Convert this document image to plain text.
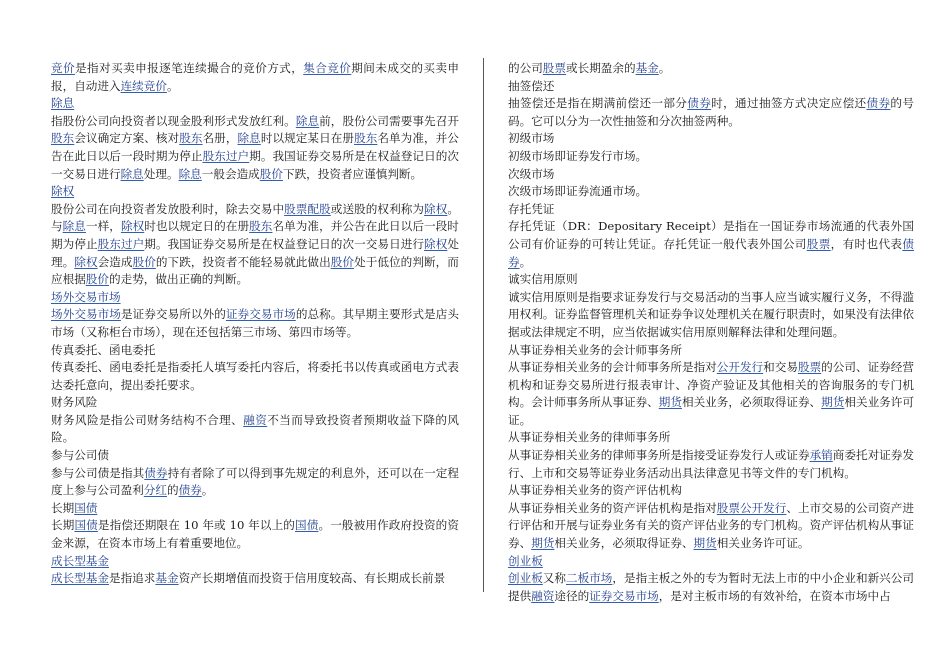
竞价是指对买卖申报逐笔连续撮合的竞价方式，集合竞价期间未成交的买卖申报，自动进入连续竞价。

除息

指股份公司向投资者以现金股利形式发放红利。除息前，股份公司需要事先召开股东会议确定方案、核对股东名册，除息时以规定某日在册股东名单为准，并公告在此日以后一段时期为停止股东过户期。我国证券交易所是在权益登记日的次一交易日进行除息处理。除息一般会造成股价下跌，投资者应谨慎判断。

除权

股份公司在向投资者发放股利时，除去交易中股票配股或送股的权利称为除权。与除息一样，除权时也以规定日的在册股东名单为准，并公告在此日以后一段时期为停止股东过户期。我国证券交易所是在权益登记日的次一交易日进行除权处理。除权会造成股价的下跌，投资者不能轻易就此做出股价处于低位的判断，而应根据股价的走势，做出正确的判断。

场外交易市场

场外交易市场是证券交易所以外的证券交易市场的总称。其早期主要形式是店头市场（又称柜台市场），现在还包括第三市场、第四市场等。

传真委托、函电委托

传真委托、函电委托是指委托人填写委托内容后，将委托书以传真或函电方式表达委托意向，提出委托要求。

财务风险

财务风险是指公司财务结构不合理、融资不当而导致投资者预期收益下降的风险。

参与公司债

参与公司债是指其债券持有者除了可以得到事先规定的利息外，还可以在一定程度上参与公司盈利分红的债券。

长期国债

长期国债是指偿还期限在 10 年或 10 年以上的国债。一般被用作政府投资的资金来源，在资本市场上有着重要地位。

成长型基金

成长型基金是指追求基金资产长期增值而投资于信用度较高、有长期成长前景

的公司股票或长期盈余的基金。

抽签偿还

抽签偿还是指在期满前偿还一部分债券时，通过抽签方式决定应偿还债券的号码。它可以分为一次性抽签和分次抽签两种。

初级市场

初级市场即证券发行市场。

次级市场

次级市场即证券流通市场。

存托凭证

存托凭证（DR：Depositary Receipt）是指在一国证券市场流通的代表外国公司有价证券的可转让凭证。存托凭证一般代表外国公司股票，有时也代表债券。

诚实信用原则

诚实信用原则是指要求证券发行与交易活动的当事人应当诚实履行义务，不得滥用权利。证券监督管理机关和证券争议处理机关在履行职责时，如果没有法律依据或法律规定不明，应当依据诚实信用原则解释法律和处理问题。

从事证券相关业务的会计师事务所

从事证券相关业务的会计师事务所是指对公开发行和交易股票的公司、证券经营机构和证券交易所进行报表审计、净资产验证及其他相关的咨询服务的专门机构。会计师事务所从事证券、期货相关业务，必须取得证券、期货相关业务许可证。

从事证券相关业务的律师事务所

从事证券相关业务的律师事务所是指接受证券发行人或证券承销商委托对证券发行、上市和交易等证券业务活动出具法律意见书等文件的专门机构。

从事证券相关业务的资产评估机构

从事证券相关业务的资产评估机构是指对股票公开发行、上市交易的公司资产进行评估和开展与证券业务有关的资产评估业务的专门机构。资产评估机构从事证券、期货相关业务，必须取得证券、期货相关业务许可证。

创业板

创业板又称二板市场，是指主板之外的专为暂时无法上市的中小企业和新兴公司提供融资途径的证券交易市场，是对主板市场的有效补给，在资本市场中占
